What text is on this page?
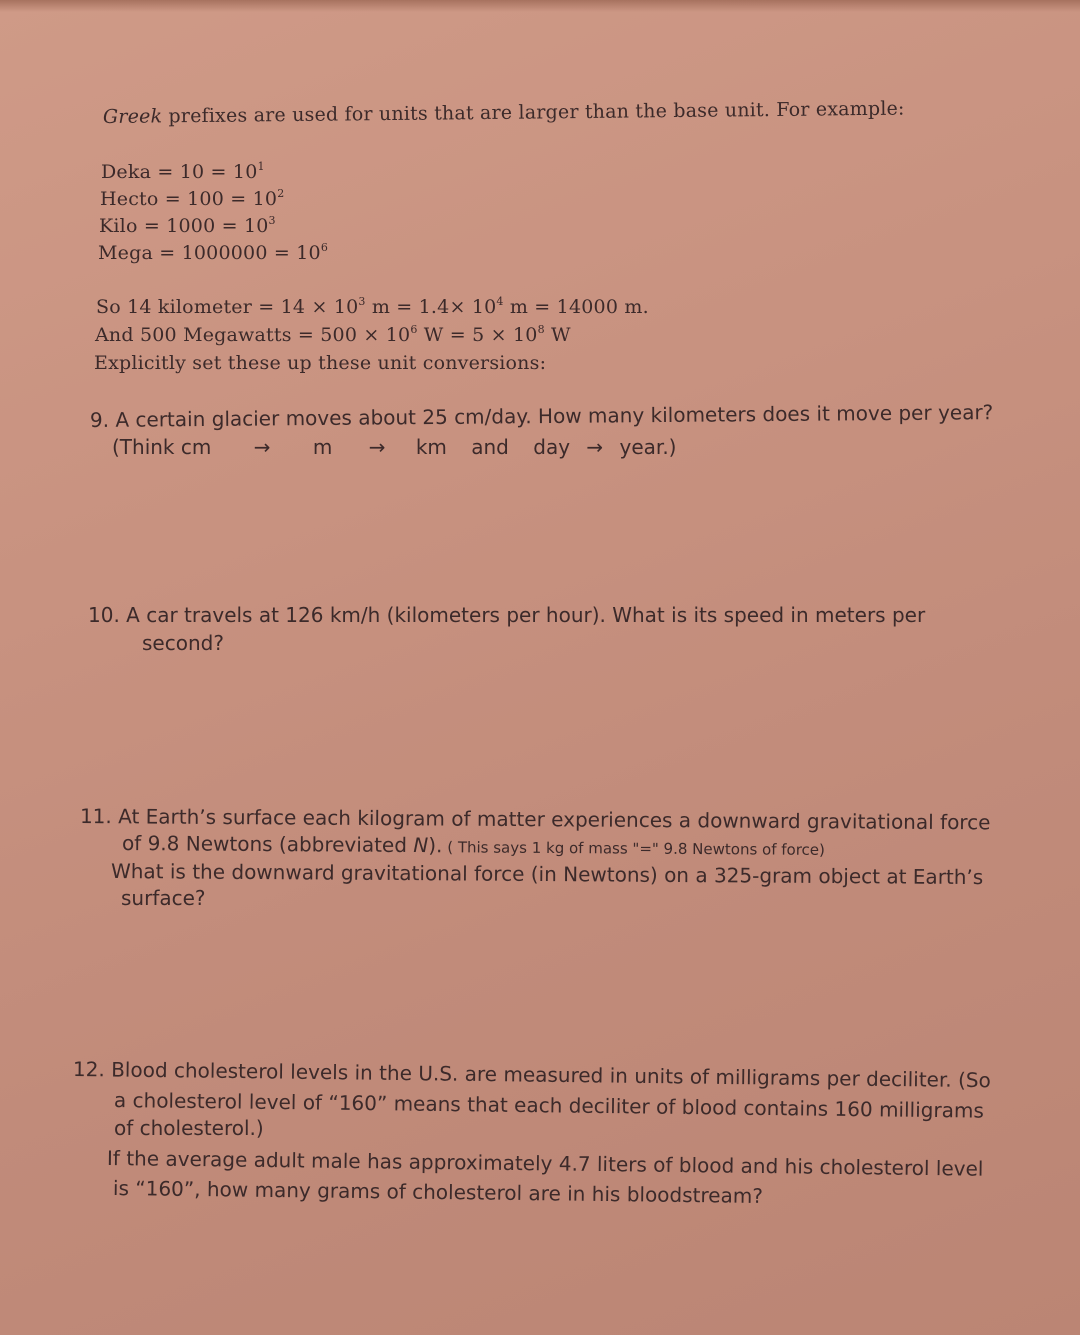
Greek prefixes are used for units that are larger than the base unit. For example:
Deka = $10 = 10^1$
Hecto = $100 = 10^2$
Kilo = $1000 = 10^3$
Mega = $1000000 = 10^6$
So 14 kilometer = $14 \times 10^3$ $m = 1.4\times 10^4$ m = 14000 m.
And 500 Megawatts = $500 \times 10^6$ $W = 5 \times 10^8$ W
Explicitly set these up these unit conversions:
9. A certain glacier moves about 25 cm/day. How many kilometers does it move per year?
(Think cm → m → km and day → year.)
10. A car travels at 126 km/h (kilometers per hour). What is its speed in meters per
second?
11. At Earth’s surface each kilogram of matter experiences a downward gravitational force
of 9.8 Newtons (abbreviated N). ( This says 1 kg of mass "=" 9.8 Newtons of force)
What is the downward gravitational force (in Newtons) on a 325-gram object at Earth’s
surface?
12. Blood cholesterol levels in the U.S. are measured in units of milligrams per deciliter. (So
a cholesterol level of “160” means that each deciliter of blood contains 160 milligrams
of cholesterol.)
If the average adult male has approximately 4.7 liters of blood and his cholesterol level
is “160”, how many grams of cholesterol are in his bloodstream?
